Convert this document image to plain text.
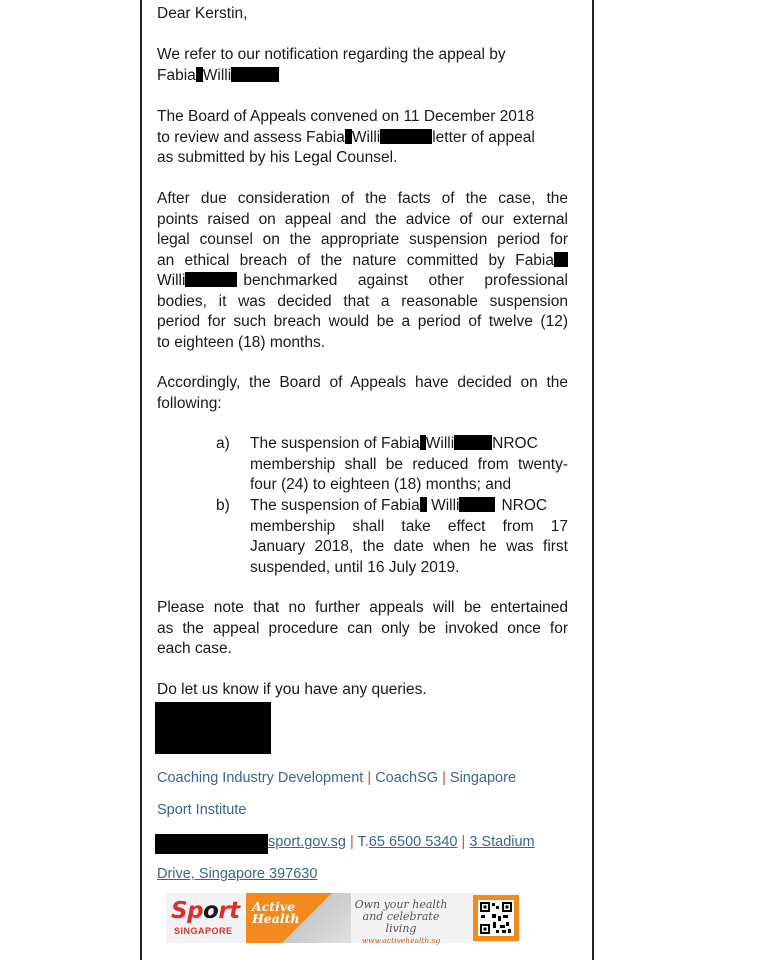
Dear Kerstin,

We refer to our notification regarding the appeal by
Fabia Willi

The Board of Appeals convened on 11 December 2018
to review and assess Fabia Willi	letter of appeal
as submitted by his Legal Counsel.

After due consideration of the facts of the case, the

points raised on appeal and the advice of our external

legal counsel on the appropriate suspension period for

an ethical breach of the nature committed by Fabia

Willi	benchmarked against other professional

bodies, it was decided that a reasonable suspension

period for such breach would be a period of twelve (12)

to eighteen (18) months.

Accordingly, the Board of Appeals have decided on the

following:

Please note that no further appeals will be entertained

as the appeal procedure can only be invoked once for

each case.

Do let us know if you have any queries.

a)	The suspension of Fabia Willi NROC

membership shall be reduced from twenty-

four (24) to eighteen (18) months; and

b)	The suspension of Fabia Willi	NROC

membership shall take effect from 17

January 2018, the date when he was first

suspended, until 16 July 2019.

Coaching Industry Development | CoachSG | Singapore
Sport Institute
sport.gov.sg | T.65 6500 5340 | 3 Stadium
Drive, Singapore 397630
Sport
SINGAPORE
Active
Health
Own your health
and celebrate living
www.activehealth.sg
